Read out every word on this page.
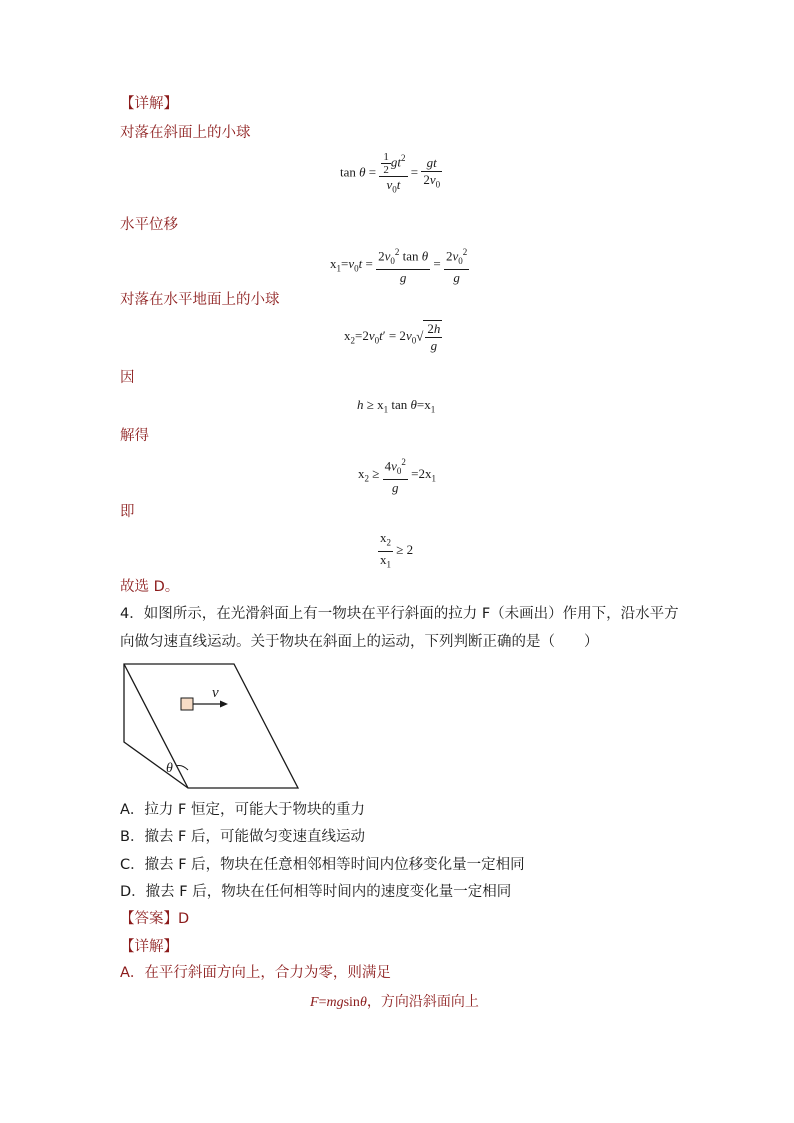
【详解】
对落在斜面上的小球
$\tan \theta = \frac{\frac{1}{2} gt^2}{v_0t} = \frac{gt}{2v_0}$
水平位移
$x_1=v_0t = \frac{2v_0^2 \tan \theta}{g} = \frac{2v_0^2}{g}$
对落在水平地面上的小球
$x_2=2v_0t' = 2v_0√ \frac{2h}{g}$
因
$h \ge x_1$ $\tan \theta=x_1$
解得
$x_2 \ge \frac{4v_0^2}{g} =2x_1$
即
$\frac{x_2}{x_1} \ge 2$
故选 D。
4．如图所示，在光滑斜面上有一物块在平行斜面的拉力 F（未画出）作用下，沿水平方
向做匀速直线运动。关于物块在斜面上的运动，下列判断正确的是（　　）
θ
v
A．拉力 F 恒定，可能大于物块的重力
B．撤去 F 后，可能做匀变速直线运动
C．撤去 F 后，物块在任意相邻相等时间内位移变化量一定相同
D．撤去 F 后，物块在任何相等时间内的速度变化量一定相同
【答案】D
【详解】
A．在平行斜面方向上，合力为零，则满足
F=mgsinθ，方向沿斜面向上
